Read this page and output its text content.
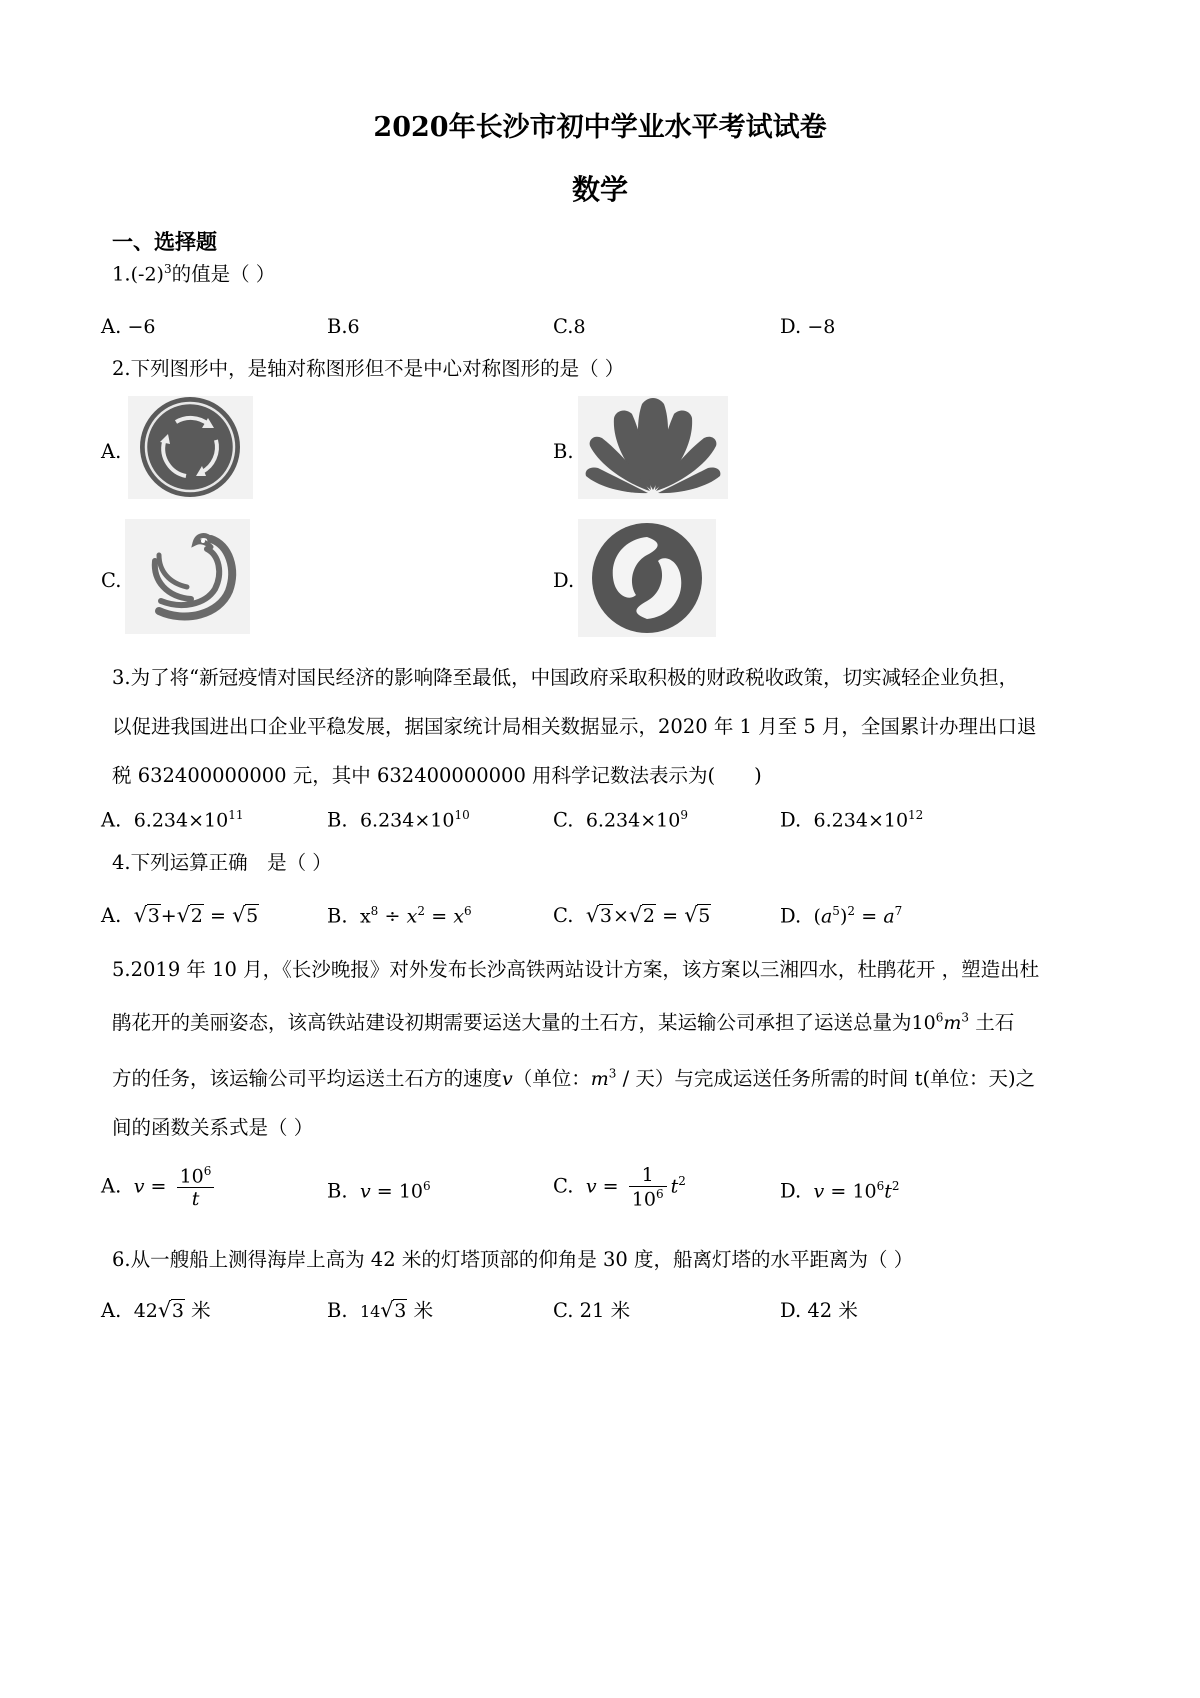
2020年长沙市初中学业水平考试试卷
数学
一、选择题
$1.(-2)^3$的值是（ ）
A. −6	B.6	C.8	D. −8
2.下列图形中，是轴对称图形但不是中心对称图形的是（ ）
A.	B.
C.	D.
3.为了将“新冠疫情对国民经济的影响降至最低，中国政府采取积极的财政税收政策，切实减轻企业负担，
以促进我国进出口企业平稳发展，据国家统计局相关数据显示，2020 年 1 月至 5 月，全国累计办理出口退
税 632400000000 元，其中 632400000000 用科学记数法表示为(　　)
A. $6.234\times 10^{11}$	B. $6.234\times 10^{10}$	C. $6.234\times 10^9$	D. $6.234\times 10^{12}$
4.下列运算正确　是（ ）
A. √ 3+ √ 2 = √ 5	B. $x^8 \div x^2 = x^6$	C. √ 3× √ 2 = √ 5	D. $(a^5)^2 = a^7$
5.2019 年 10 月，《长沙晚报》对外发布长沙高铁两站设计方案，该方案以三湘四水，杜鹃花开 ，塑造出杜
鹃花开的美丽姿态，该高铁站建设初期需要运送大量的土石方，某运输公司承担了运送总量为$10^6m^3$ 土石
方的任务，该运输公司平均运送土石方的速度v（单位：$m^3$ / 天）与完成运送任务所需的时间 t(单位：天)之
间的函数关系式是（ ）
A. $v = \frac{10^6}{t}$	B. $v = 10^6$	C. $v = \frac{1}{10^6} t^2$	D. $v = 10^6t^2$
6.从一艘船上测得海岸上高为 42 米的灯塔顶部的仰角是 30 度，船离灯塔的水平距离为（ ）
A. 42 √ 3 米	B. 14 √ 3 米	C. 21 米	D. 42 米
